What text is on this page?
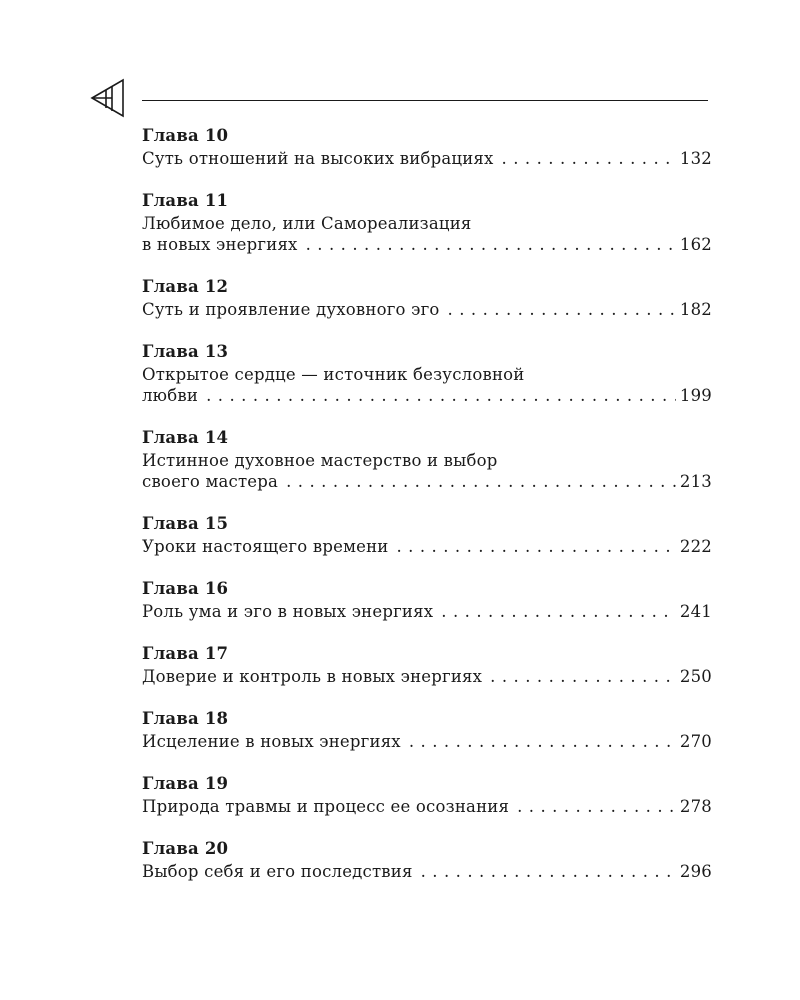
Глава 10
Суть отношений на высоких вибрациях . . .	132
Глава 11
Любимое дело, или Самореализация
в новых энергиях . . .	162
Глава 12
Суть и проявление духовного эго . . .	182
Глава 13
Открытое сердце — источник безусловной
любви . . .	199
Глава 14
Истинное духовное мастерство и выбор
своего мастера . . .	213
Глава 15
Уроки настоящего времени . . .	222
Глава 16
Роль ума и эго в новых энергиях . . .	241
Глава 17
Доверие и контроль в новых энергиях . . .	250
Глава 18
Исцеление в новых энергиях . . .	270
Глава 19
Природа травмы и процесс ее осознания . . .	278
Глава 20
Выбор себя и его последствия . . .	296
